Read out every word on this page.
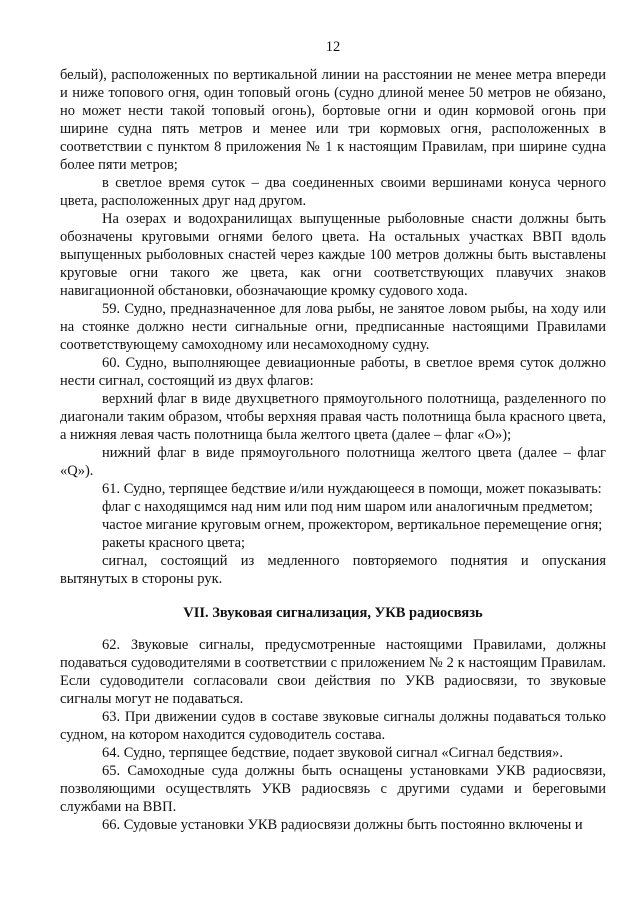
12

белый), расположенных по вертикальной линии на расстоянии не менее метра впереди и ниже топового огня, один топовый огонь (судно длиной менее 50 метров не обязано, но может нести такой топовый огонь), бортовые огни и один кормовой огонь при ширине судна пять метров и менее или три кормовых огня, расположенных в соответствии с пунктом 8 приложения № 1 к настоящим Правилам, при ширине судна более пяти метров;

в светлое время суток – два соединенных своими вершинами конуса черного цвета, расположенных друг над другом.

На озерах и водохранилищах выпущенные рыболовные снасти должны быть обозначены круговыми огнями белого цвета. На остальных участках ВВП вдоль выпущенных рыболовных снастей через каждые 100 метров должны быть выставлены круговые огни такого же цвета, как огни соответствующих плавучих знаков навигационной обстановки, обозначающие кромку судового хода.

59. Судно, предназначенное для лова рыбы, не занятое ловом рыбы, на ходу или на стоянке должно нести сигнальные огни, предписанные настоящими Правилами соответствующему самоходному или несамоходному судну.

60. Судно, выполняющее девиационные работы, в светлое время суток должно нести сигнал, состоящий из двух флагов:

верхний флаг в виде двухцветного прямоугольного полотнища, разделенного по диагонали таким образом, чтобы верхняя правая часть полотнища была красного цвета, а нижняя левая часть полотнища была желтого цвета (далее – флаг «О»);

нижний флаг в виде прямоугольного полотнища желтого цвета (далее – флаг «Q»).

61. Судно, терпящее бедствие и/или нуждающееся в помощи, может показывать:

флаг с находящимся над ним или под ним шаром или аналогичным предметом;

частое мигание круговым огнем, прожектором, вертикальное перемещение огня;

ракеты красного цвета;

сигнал, состоящий из медленного повторяемого поднятия и опускания вытянутых в стороны рук.

VII. Звуковая сигнализация, УКВ радиосвязь

62. Звуковые сигналы, предусмотренные настоящими Правилами, должны подаваться судоводителями в соответствии с приложением № 2 к настоящим Правилам. Если судоводители согласовали свои действия по УКВ радиосвязи, то звуковые сигналы могут не подаваться.

63. При движении судов в составе звуковые сигналы должны подаваться только судном, на котором находится судоводитель состава.

64. Судно, терпящее бедствие, подает звуковой сигнал «Сигнал бедствия».

65. Самоходные суда должны быть оснащены установками УКВ радиосвязи, позволяющими осуществлять УКВ радиосвязь с другими судами и береговыми службами на ВВП.

66. Судовые установки УКВ радиосвязи должны быть постоянно включены и
